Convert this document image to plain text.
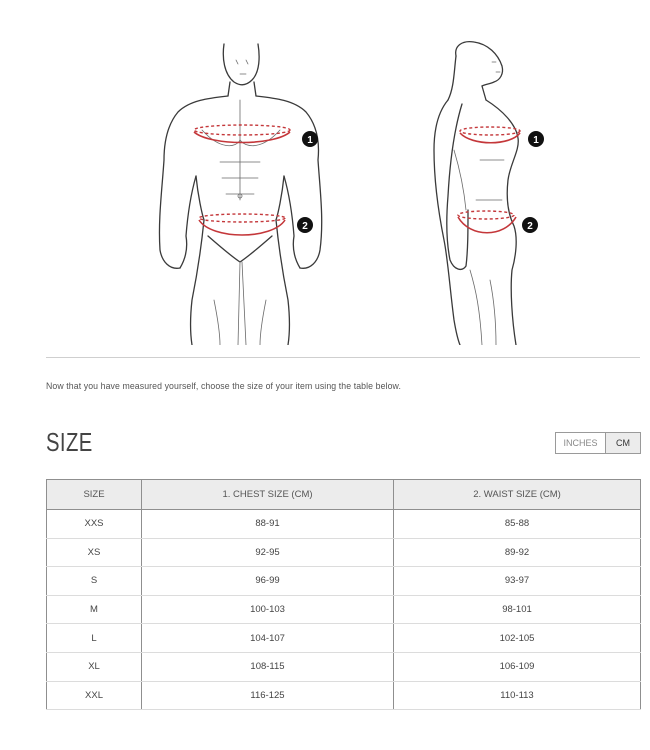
1
2
1
2
Now that you have measured yourself, choose the size of your item using the table below.
SIZE	INCHES	CM
SIZE	1. CHEST SIZE (CM)	2. WAIST SIZE (CM)
XXS	88-91	85-88
XS	92-95	89-92
S	96-99	93-97
M	100-103	98-101
L	104-107	102-105
XL	108-115	106-109
XXL	116-125	110-113
